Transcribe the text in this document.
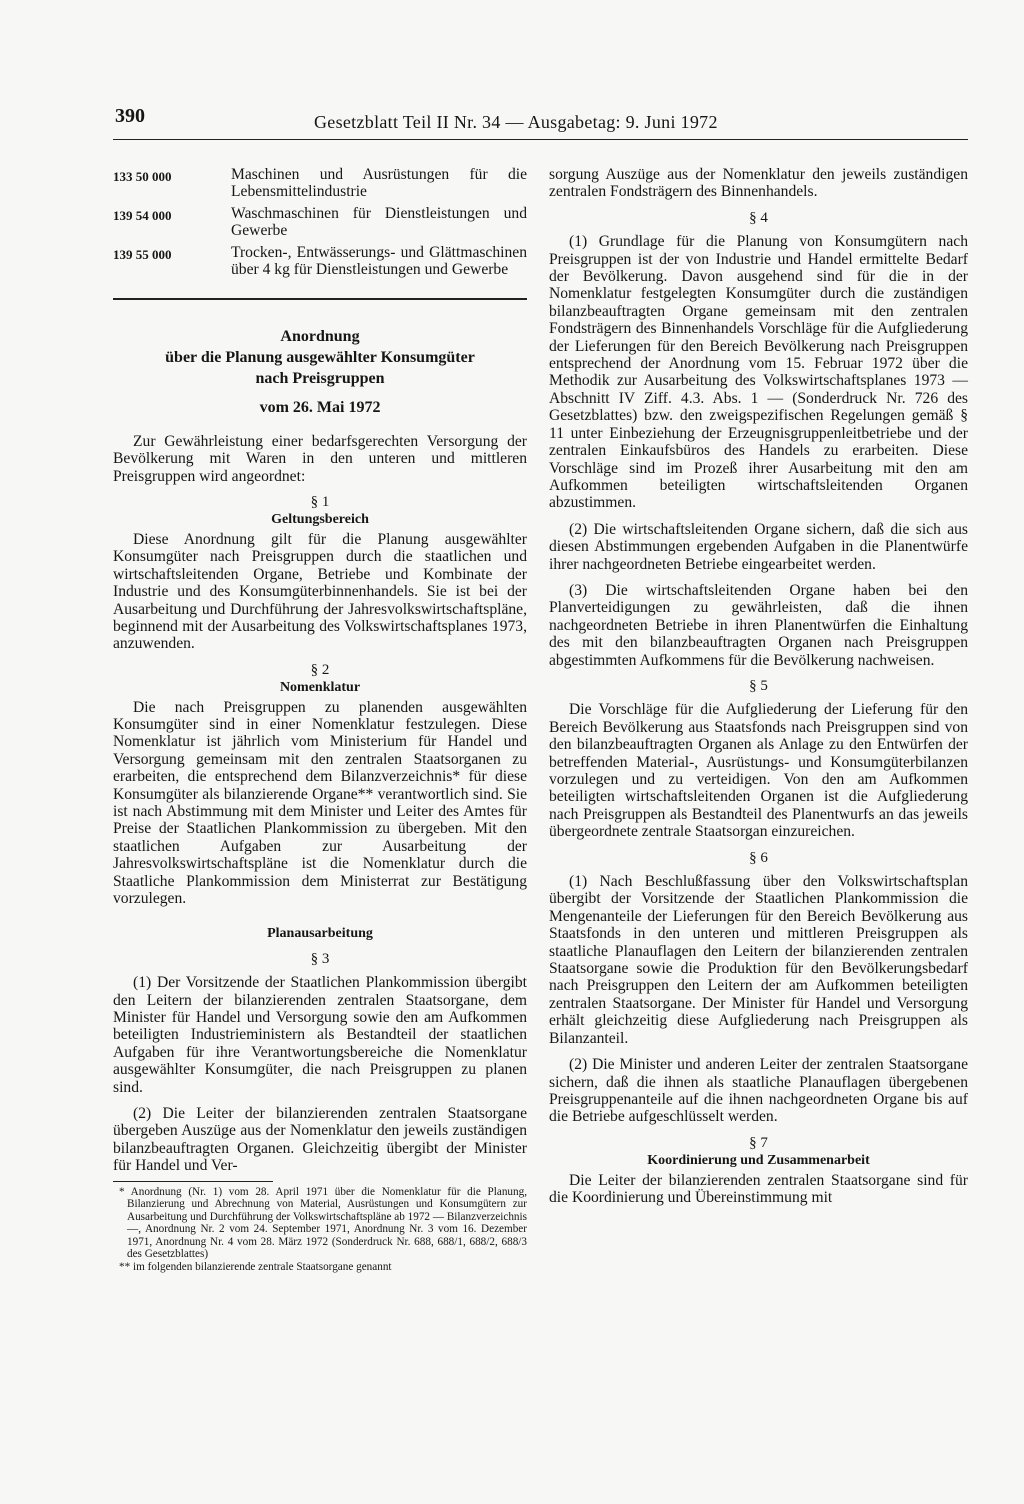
390	Gesetzblatt Teil II Nr. 34 — Ausgabetag: 9. Juni 1972
133 50 000	Maschinen und Ausrüstungen für die Lebensmittelindustrie
139 54 000	Waschmaschinen für Dienstleistungen und Gewerbe
139 55 000	Trocken-, Entwässerungs- und Glättmaschinen über 4 kg für Dienstleistungen und Gewerbe
Anordnung
über die Planung ausgewählter Konsumgüter
nach Preisgruppen
vom 26. Mai 1972

Zur Gewährleistung einer bedarfsgerechten Versorgung der Bevölkerung mit Waren in den unteren und mittleren Preisgruppen wird angeordnet:

§ 1
Geltungsbereich

Diese Anordnung gilt für die Planung ausgewählter Konsumgüter nach Preisgruppen durch die staatlichen und wirtschaftsleitenden Organe, Betriebe und Kombinate der Industrie und des Konsumgüterbinnenhandels. Sie ist bei der Ausarbeitung und Durchführung der Jahresvolkswirtschaftspläne, beginnend mit der Ausarbeitung des Volkswirtschaftsplanes 1973, anzuwenden.

§ 2
Nomenklatur

Die nach Preisgruppen zu planenden ausgewählten Konsumgüter sind in einer Nomenklatur festzulegen. Diese Nomenklatur ist jährlich vom Ministerium für Handel und Versorgung gemeinsam mit den zentralen Staatsorganen zu erarbeiten, die entsprechend dem Bilanzverzeichnis* für diese Konsumgüter als bilanzierende Organe** verantwortlich sind. Sie ist nach Abstimmung mit dem Minister und Leiter des Amtes für Preise der Staatlichen Plankommission zu übergeben. Mit den staatlichen Aufgaben zur Ausarbeitung der Jahresvolkswirtschaftspläne ist die Nomenklatur durch die Staatliche Plankommission dem Ministerrat zur Bestätigung vorzulegen.

Planausarbeitung
§ 3

(1) Der Vorsitzende der Staatlichen Plankommission übergibt den Leitern der bilanzierenden zentralen Staatsorgane, dem Minister für Handel und Versorgung sowie den am Aufkommen beteiligten Industrieministern als Bestandteil der staatlichen Aufgaben für ihre Verantwortungsbereiche die Nomenklatur ausgewählter Konsumgüter, die nach Preisgruppen zu planen sind.

(2) Die Leiter der bilanzierenden zentralen Staatsorgane übergeben Auszüge aus der Nomenklatur den jeweils zuständigen bilanzbeauftragten Organen. Gleichzeitig übergibt der Minister für Handel und Ver-

* Anordnung (Nr. 1) vom 28. April 1971 über die Nomenklatur für die Planung, Bilanzierung und Abrechnung von Material, Ausrüstungen und Konsumgütern zur Ausarbeitung und Durchführung der Volkswirtschaftspläne ab 1972 — Bilanzverzeichnis —, Anordnung Nr. 2 vom 24. September 1971, Anordnung Nr. 3 vom 16. Dezember 1971, Anordnung Nr. 4 vom 28. März 1972 (Sonderdruck Nr. 688, 688/1, 688/2, 688/3 des Gesetzblattes)

** im folgenden bilanzierende zentrale Staatsorgane genannt

sorgung Auszüge aus der Nomenklatur den jeweils zuständigen zentralen Fondsträgern des Binnenhandels.

§ 4

(1) Grundlage für die Planung von Konsumgütern nach Preisgruppen ist der von Industrie und Handel ermittelte Bedarf der Bevölkerung. Davon ausgehend sind für die in der Nomenklatur festgelegten Konsumgüter durch die zuständigen bilanzbeauftragten Organe gemeinsam mit den zentralen Fondsträgern des Binnenhandels Vorschläge für die Aufgliederung der Lieferungen für den Bereich Bevölkerung nach Preisgruppen entsprechend der Anordnung vom 15. Februar 1972 über die Methodik zur Ausarbeitung des Volkswirtschaftsplanes 1973 — Abschnitt IV Ziff. 4.3. Abs. 1 — (Sonderdruck Nr. 726 des Gesetzblattes) bzw. den zweigspezifischen Regelungen gemäß § 11 unter Einbeziehung der Erzeugnisgruppenleitbetriebe und der zentralen Einkaufsbüros des Handels zu erarbeiten. Diese Vorschläge sind im Prozeß ihrer Ausarbeitung mit den am Aufkommen beteiligten wirtschaftsleitenden Organen abzustimmen.

(2) Die wirtschaftsleitenden Organe sichern, daß die sich aus diesen Abstimmungen ergebenden Aufgaben in die Planentwürfe ihrer nachgeordneten Betriebe eingearbeitet werden.

(3) Die wirtschaftsleitenden Organe haben bei den Planverteidigungen zu gewährleisten, daß die ihnen nachgeordneten Betriebe in ihren Planentwürfen die Einhaltung des mit den bilanzbeauftragten Organen nach Preisgruppen abgestimmten Aufkommens für die Bevölkerung nachweisen.

§ 5

Die Vorschläge für die Aufgliederung der Lieferung für den Bereich Bevölkerung aus Staatsfonds nach Preisgruppen sind von den bilanzbeauftragten Organen als Anlage zu den Entwürfen der betreffenden Material-, Ausrüstungs- und Konsumgüterbilanzen vorzulegen und zu verteidigen. Von den am Aufkommen beteiligten wirtschaftsleitenden Organen ist die Aufgliederung nach Preisgruppen als Bestandteil des Planentwurfs an das jeweils übergeordnete zentrale Staatsorgan einzureichen.

§ 6

(1) Nach Beschlußfassung über den Volkswirtschaftsplan übergibt der Vorsitzende der Staatlichen Plankommission die Mengenanteile der Lieferungen für den Bereich Bevölkerung aus Staatsfonds in den unteren und mittleren Preisgruppen als staatliche Planauflagen den Leitern der bilanzierenden zentralen Staatsorgane sowie die Produktion für den Bevölkerungsbedarf nach Preisgruppen den Leitern der am Aufkommen beteiligten zentralen Staatsorgane. Der Minister für Handel und Versorgung erhält gleichzeitig diese Aufgliederung nach Preisgruppen als Bilanzanteil.

(2) Die Minister und anderen Leiter der zentralen Staatsorgane sichern, daß die ihnen als staatliche Planauflagen übergebenen Preisgruppenanteile auf die ihnen nachgeordneten Organe bis auf die Betriebe aufgeschlüsselt werden.

§ 7
Koordinierung und Zusammenarbeit

Die Leiter der bilanzierenden zentralen Staatsorgane sind für die Koordinierung und Übereinstimmung mit
